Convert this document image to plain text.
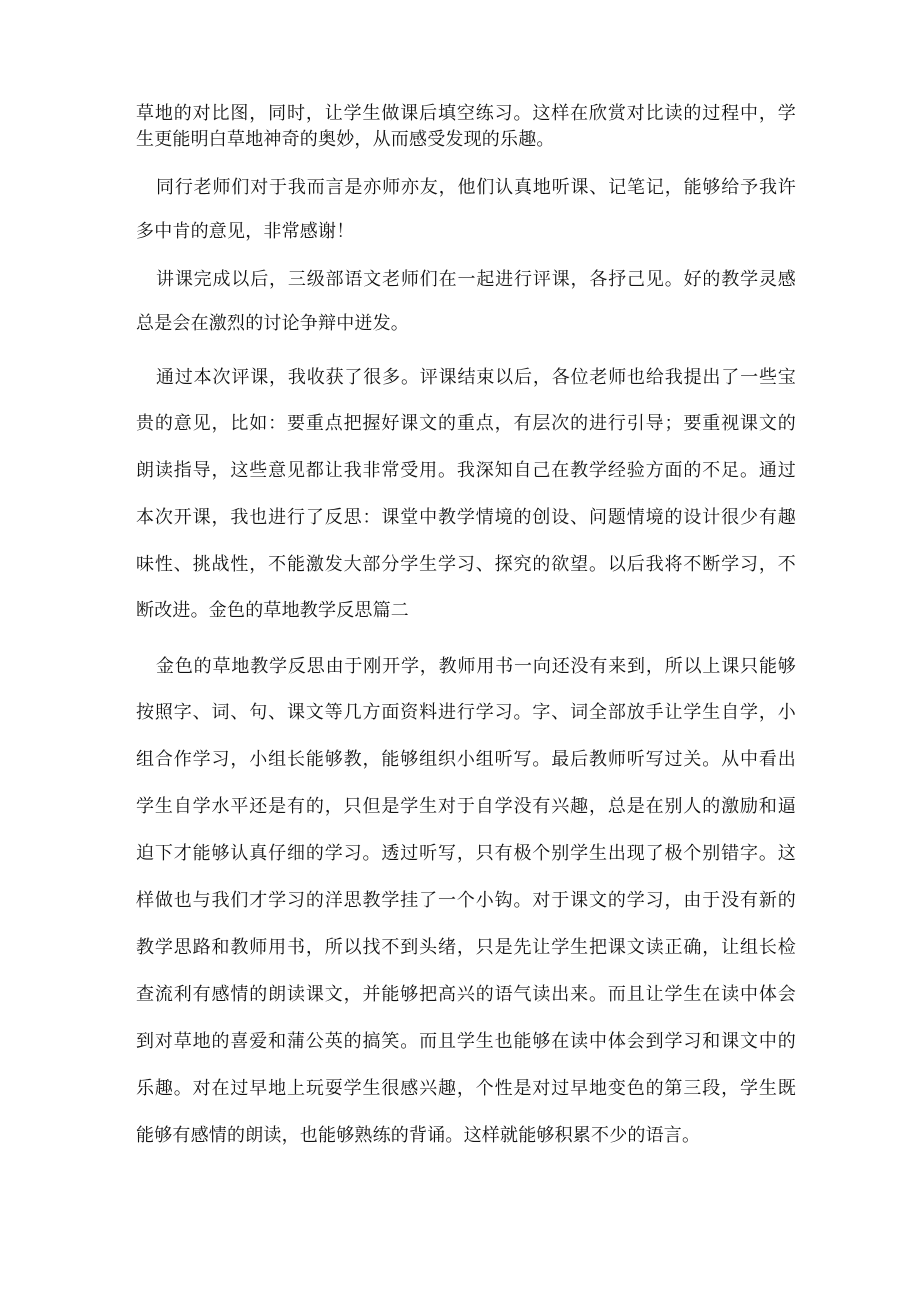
草地的对比图，同时，让学生做课后填空练习。这样在欣赏对比读的过程中，学
生更能明白草地神奇的奥妙，从而感受发现的乐趣。
同行老师们对于我而言是亦师亦友，他们认真地听课、记笔记，能够给予我许
多中肯的意见，非常感谢！
讲课完成以后，三级部语文老师们在一起进行评课，各抒己见。好的教学灵感
总是会在激烈的讨论争辩中迸发。
通过本次评课，我收获了很多。评课结束以后，各位老师也给我提出了一些宝
贵的意见，比如：要重点把握好课文的重点，有层次的进行引导；要重视课文的
朗读指导，这些意见都让我非常受用。我深知自己在教学经验方面的不足。通过
本次开课，我也进行了反思：课堂中教学情境的创设、问题情境的设计很少有趣
味性、挑战性，不能激发大部分学生学习、探究的欲望。以后我将不断学习，不
断改进。金色的草地教学反思篇二
金色的草地教学反思由于刚开学，教师用书一向还没有来到，所以上课只能够
按照字、词、句、课文等几方面资料进行学习。字、词全部放手让学生自学，小
组合作学习，小组长能够教，能够组织小组听写。最后教师听写过关。从中看出
学生自学水平还是有的，只但是学生对于自学没有兴趣，总是在别人的激励和逼
迫下才能够认真仔细的学习。透过听写，只有极个别学生出现了极个别错字。这
样做也与我们才学习的洋思教学挂了一个小钩。对于课文的学习，由于没有新的
教学思路和教师用书，所以找不到头绪，只是先让学生把课文读正确，让组长检
查流利有感情的朗读课文，并能够把高兴的语气读出来。而且让学生在读中体会
到对草地的喜爱和蒲公英的搞笑。而且学生也能够在读中体会到学习和课文中的
乐趣。对在过早地上玩耍学生很感兴趣，个性是对过早地变色的第三段，学生既
能够有感情的朗读，也能够熟练的背诵。这样就能够积累不少的语言。
